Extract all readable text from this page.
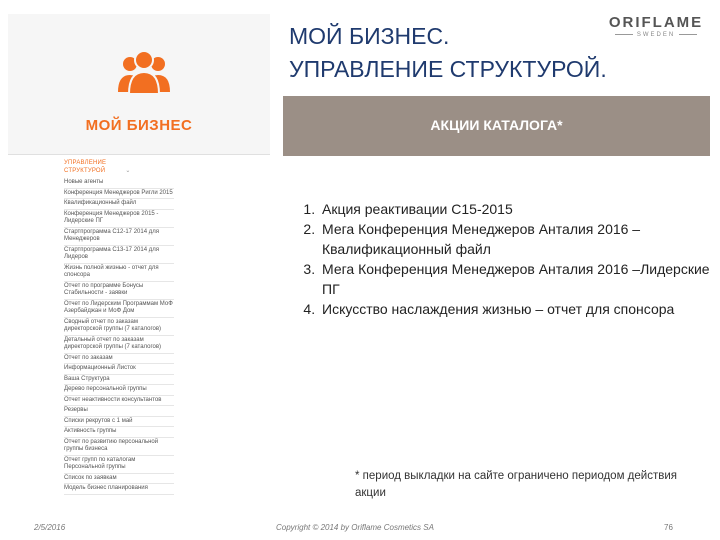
МОЙ БИЗНЕС
УПРАВЛЕНИЕ СТРУКТУРОЙ	⌄
Новые агенты
Конференция Менеджеров Ригли 2015
Квалификационный файл
Конференция Менеджеров 2015 - Лидерские ПГ
Стартпрограмма С12-17 2014 для Менеджеров
Стартпрограмма С13-17 2014 для Лидеров
Жизнь полной жизнью - отчет для спонсора
Отчет по программе Бонусы Стабильности - заявки
Отчет по Лидерским Программам МоФ Азербайджан и МоФ Дом
Сводный отчет по заказам директорской группы (7 каталогов)
Детальный отчет по заказам директорской группы (7 каталогов)
Отчет по заказам
Информационный Листок
Ваша Структура
Дерево персональной группы
Отчет неактивности консультантов
Резервы
Списки рекрутов с 1 май
Активность группы
Отчет по развитию персональной группы бизнеса
Отчет групп по каталогам Персональной группы
Список по заявкам
Модель бизнес планирования
МОЙ БИЗНЕС.
УПРАВЛЕНИЕ СТРУКТУРОЙ.
ORIFLAME
SWEDEN
АКЦИИ КАТАЛОГА*
1. Акция реактивации С15-2015
2. Мега Конференция Менеджеров Анталия 2016 – Квалификационный файл
3. Мега Конференция Менеджеров Анталия 2016 –Лидерские ПГ
4. Искусство наслаждения жизнью – отчет для спонсора
* период выкладки на сайте ограничено периодом действия акции
2/5/2016	Copyright © 2014 by Oriflame Cosmetics SA	76
